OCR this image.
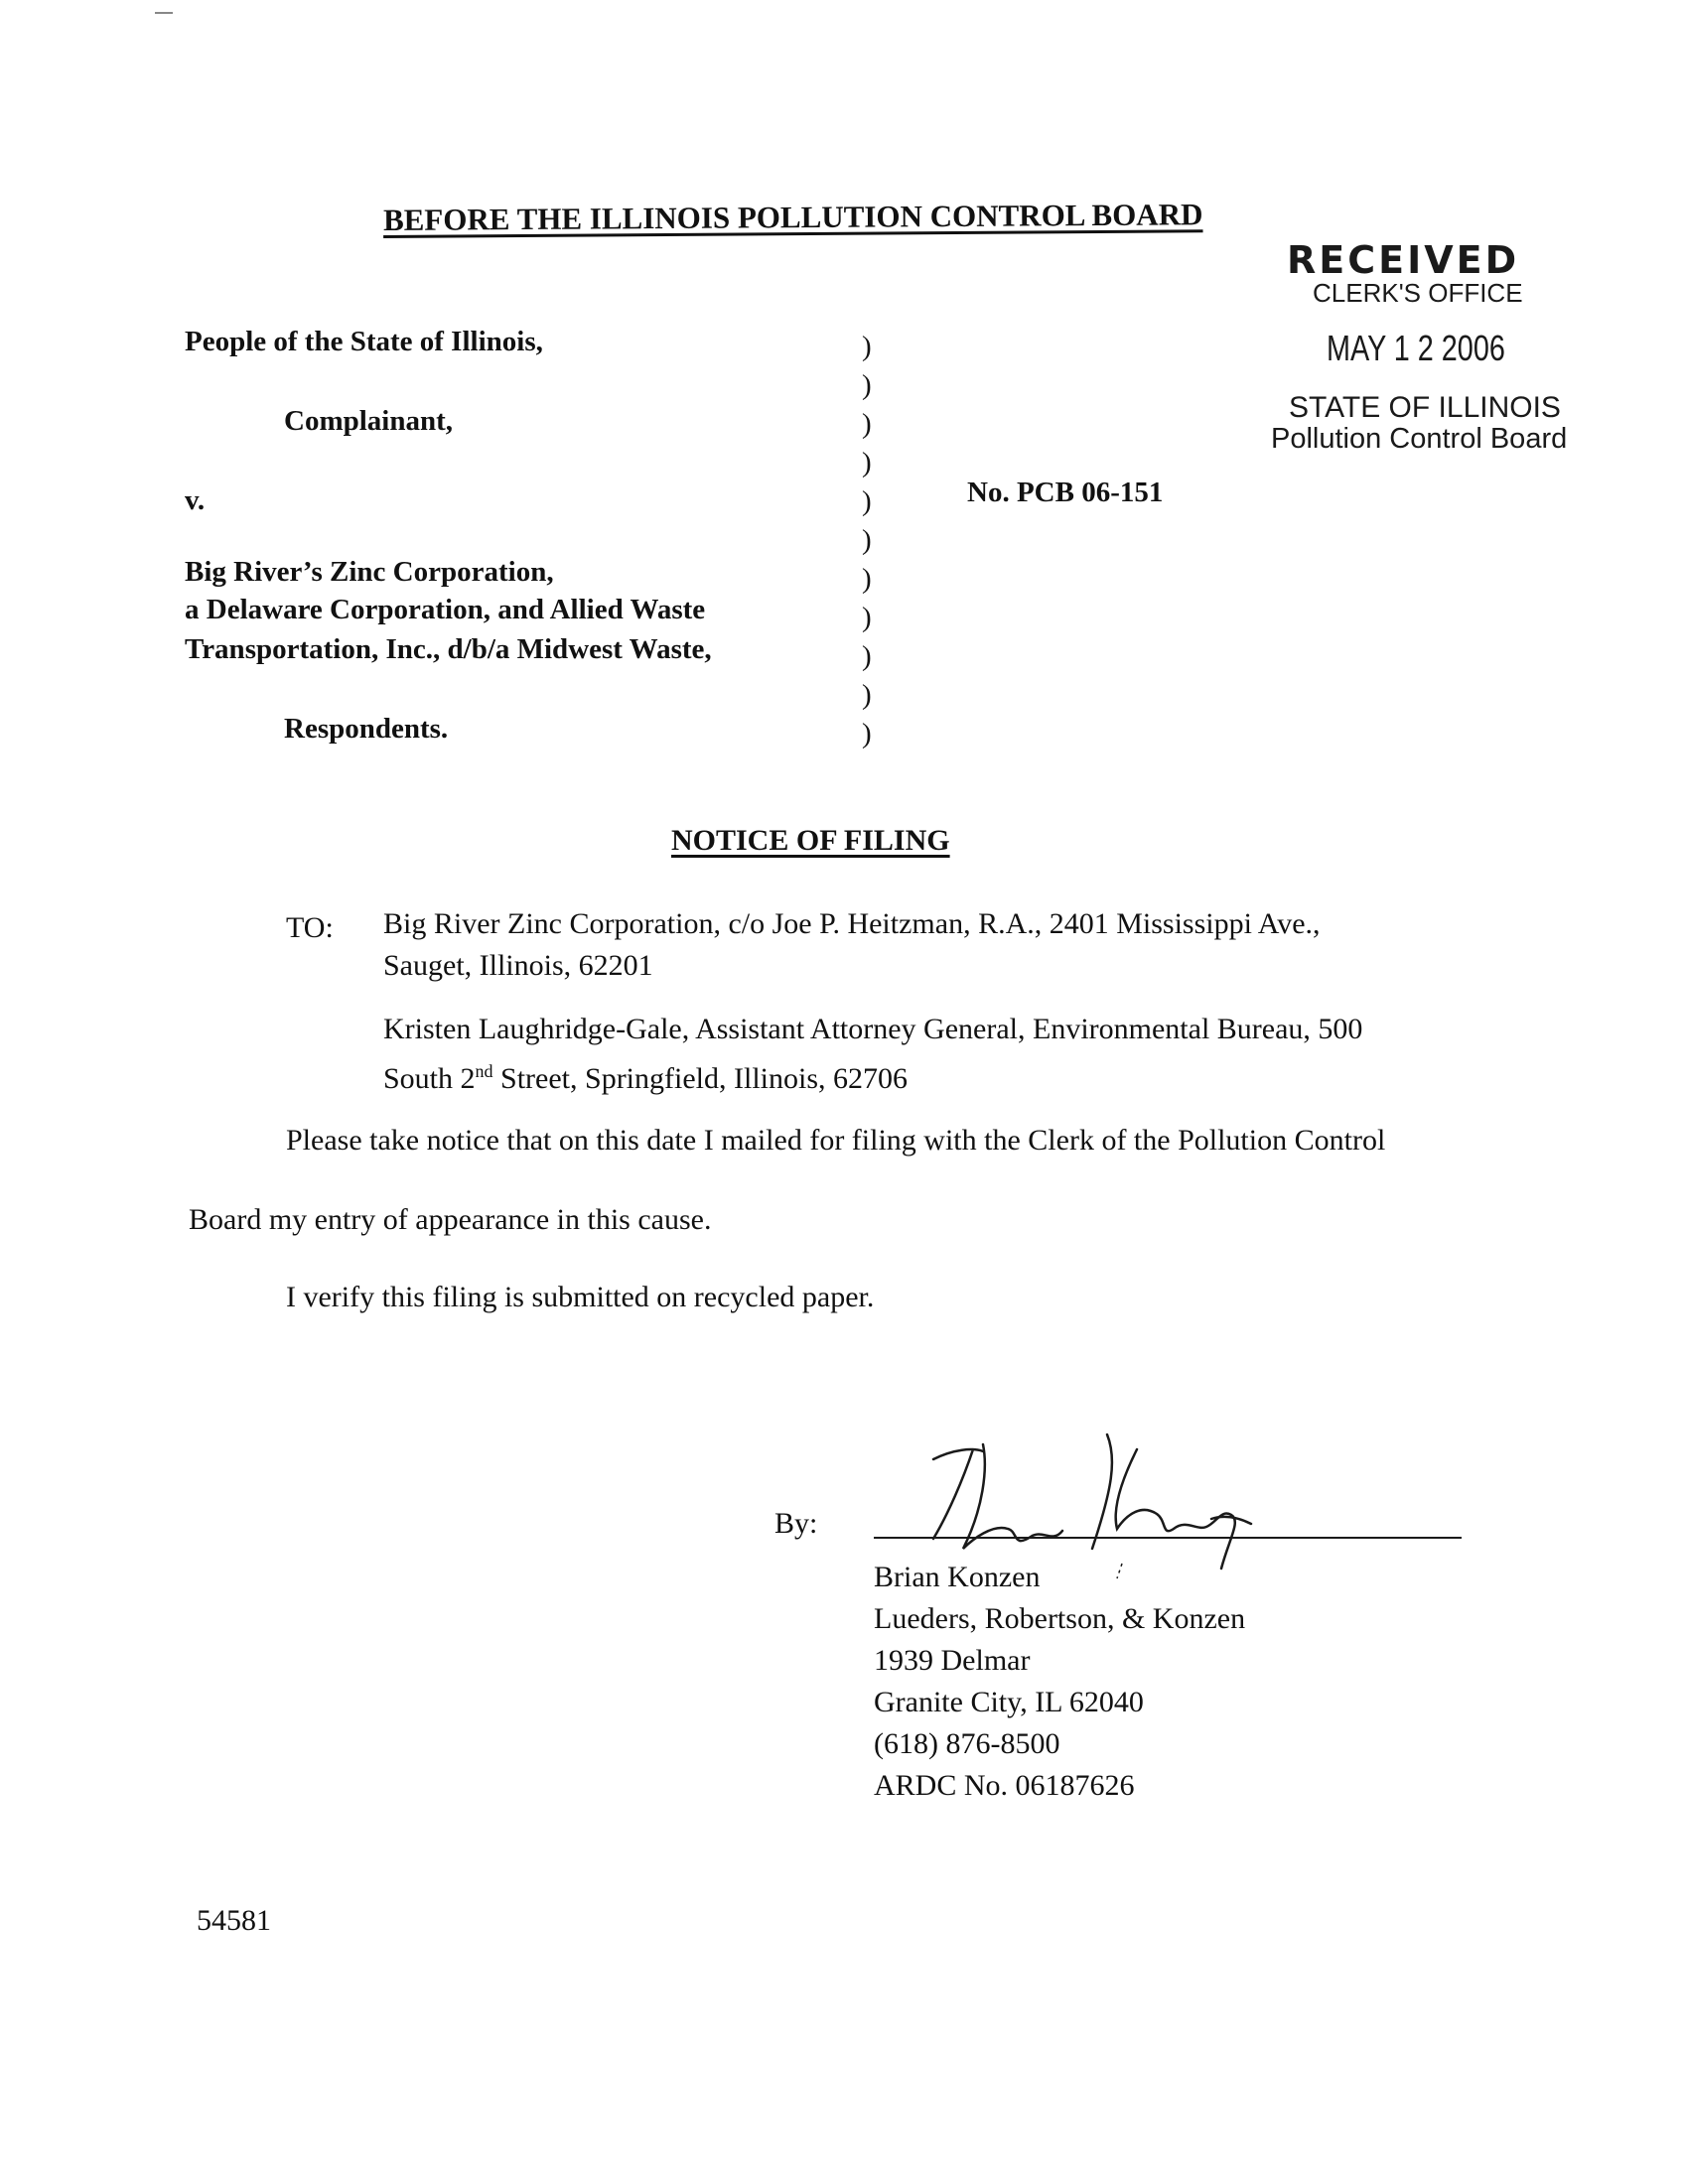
BEFORE THE ILLINOIS POLLUTION CONTROL BOARD
RECEIVED
CLERK'S OFFICE
MAY 1 2 2006
STATE OF ILLINOIS
Pollution Control Board
People of the State of Illinois,
Complainant,
v.
Big River’s Zinc Corporation,
a Delaware Corporation, and Allied Waste
Transportation, Inc., d/b/a Midwest Waste,
Respondents.
)
)
)
)
)
)
)
)
)
)
)
No. PCB 06-151
NOTICE OF FILING
TO: Big River Zinc Corporation, c/o Joe P. Heitzman, R.A., 2401 Mississippi Ave.,
Sauget, Illinois, 62201
Kristen Laughridge-Gale, Assistant Attorney General, Environmental Bureau, 500
South 2nd Street, Springfield, Illinois, 62706
Please take notice that on this date I mailed for filing with the Clerk of the Pollution Control
Board my entry of appearance in this cause.
I verify this filing is submitted on recycled paper.
By:
Brian Konzen
Lueders, Robertson, & Konzen
1939 Delmar
Granite City, IL 62040
(618) 876-8500
ARDC No. 06187626
54581
